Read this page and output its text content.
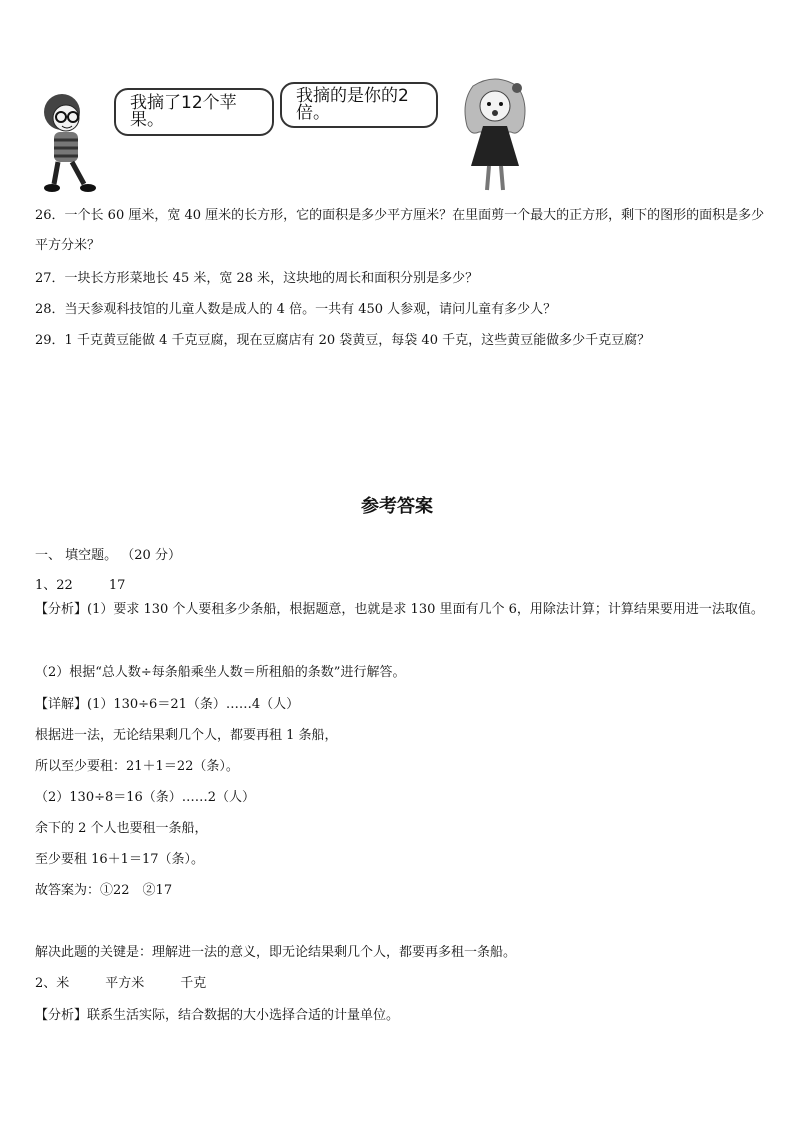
我摘了12个苹果。
我摘的是你的2倍。
26．一个长 60 厘米，宽 40 厘米的长方形，它的面积是多少平方厘米？在里面剪一个最大的正方形，剩下的图形的面积是多少平方分米？
27．一块长方形菜地长 45 米，宽 28 米，这块地的周长和面积分别是多少？
28．当天参观科技馆的儿童人数是成人的 4 倍。一共有 450 人参观，请问儿童有多少人？
29．1 千克黄豆能做 4 千克豆腐，现在豆腐店有 20 袋黄豆，每袋 40 千克，这些黄豆能做多少千克豆腐？
参考答案
一、 填空题。 （20 分）
1、22	17
【分析】(1）要求 130 个人要租多少条船，根据题意，也就是求 130 里面有几个 6，用除法计算；计算结果要用进一法取值。
（2）根据“总人数÷每条船乘坐人数＝所租船的条数”进行解答。
【详解】(1）130÷6＝21（条）……4（人）
根据进一法，无论结果剩几个人，都要再租 1 条船，
所以至少要租：21＋1＝22（条）。
（2）130÷8＝16（条）……2（人）
余下的 2 个人也要租一条船，
至少要租 16＋1＝17（条）。
故答案为：①22　②17
解决此题的关键是：理解进一法的意义，即无论结果剩几个人，都要再多租一条船。
2、米	平方米	千克
【分析】联系生活实际，结合数据的大小选择合适的计量单位。
